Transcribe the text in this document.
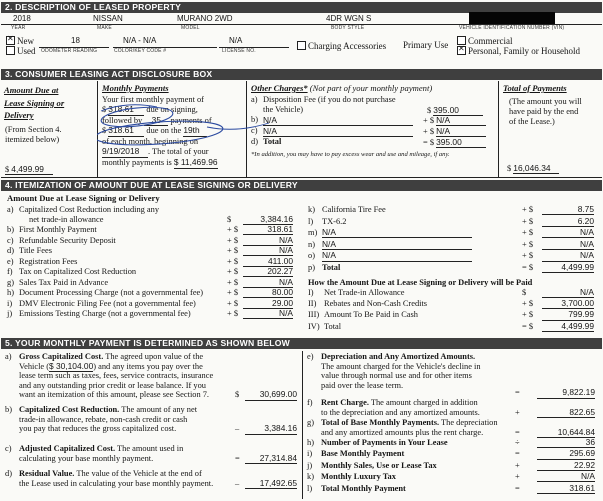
2. DESCRIPTION OF LEASED PROPERTY
YEAR	MAKE	MODEL	BODY STYLE	VEHICLE IDENTIFICATION NUMBER (VIN)
2018	NISSAN	MURANO 2WD	4DR WGN S
✕New
Used ODOMETER READING
18
COLOR/KEY CODE #
N/A - N/A
LICENSE NO.
N/A
Charging Accessories Primary Use	Commercial
✕Personal, Family or Household
3. CONSUMER LEASING ACT DISCLOSURE BOX
Amount Due at
Lease Signing or
Delivery
(From Section 4.
itemized below)
$ 4,499.99
Monthly Payments
Your first monthly payment of
$ 318.61 due on signing,
followed by 35 payments of
$ 318.61 due on the 19th
of each month, beginning on
9/19/2018 . The total of your
monthly payments is $ 11,469.96
Other Charges* (Not part of your monthly payment)
a) Disposition Fee (if you do not purchase
the Vehicle)	$ 395.00
b) N/A	+ $ N/A
c) N/A	+ $ N/A
d) Total	= $ 395.00
*In addition, you may have to pay excess wear and use and mileage, if any.
Total of Payments
(The amount you will
have paid by the end
of the Lease.)
$ 16,046.34
4. ITEMIZATION OF AMOUNT DUE AT LEASE SIGNING OR DELIVERY
Amount Due at Lease Signing or Delivery
a) Capitalized Cost Reduction including any
$	3,384.16
net trade-in allowance
b) First Monthly Payment	+ $	318.61
c) Refundable Security Deposit	+ $	N/A
d) Title Fees	+ $	N/A
e) Registration Fees	+ $	411.00
f) Tax on Capitalized Cost Reduction	+ $	202.27
g) Sales Tax Paid in Advance	+ $	N/A
h) Document Processing Charge (not a governmental fee)	+ $	80.00
i) DMV Electronic Filing Fee (not a governmental fee)	+ $	29.00
j) Emissions Testing Charge (not a governmental fee)	+ $	N/A
k) California Tire Fee	+ $	8.75
l) TX-6.2	+ $	6.20
m) N/A	+ $	N/A
n) N/A	+ $	N/A
o) N/A	+ $	N/A
p) Total	= $	4,499.99
How the Amount Due at Lease Signing or Delivery will be Paid
I) Net Trade-in Allowance	$	N/A
II) Rebates and Non-Cash Credits	+ $	3,700.00
III) Amount To Be Paid in Cash	+ $	799.99
IV) Total	= $	4,499.99
5. YOUR MONTHLY PAYMENT IS DETERMINED AS SHOWN BELOW
a) Gross Capitalized Cost. The agreed upon value of the
Vehicle ($ 30,104.00) and any items you pay over the
lease term such as taxes, fees, service contracts, insurance
and any outstanding prior credit or lease balance. If you
want an itemization of this amount, please see Section 7.	$	30,699.00
b) Capitalized Cost Reduction. The amount of any net
trade-in allowance, rebate, non-cash credit or cash
you pay that reduces the gross capitalized cost.	–	3,384.16
c) Adjusted Capitalized Cost. The amount used in
calculating your base monthly payment.	=	27,314.84
d) Residual Value. The value of the Vehicle at the end of
the Lease used in calculating your base monthly payment.	–	17,492.65
e) Depreciation and Any Amortized Amounts.
The amount charged for the Vehicle's decline in
value through normal use and for other items
paid over the lease term.
=	9,822.19
f) Rent Charge. The amount charged in addition
to the depreciation and any amortized amounts.	+	822.65
g) Total of Base Monthly Payments. The depreciation
and any amortized amounts plus the rent charge.	=	10,644.84
h) Number of Payments in Your Lease	÷	36
i) Base Monthly Payment	=	295.69
j) Monthly Sales, Use or Lease Tax	+	22.92
k) Monthly Luxury Tax	+	N/A
l) Total Monthly Payment	=	318.61
